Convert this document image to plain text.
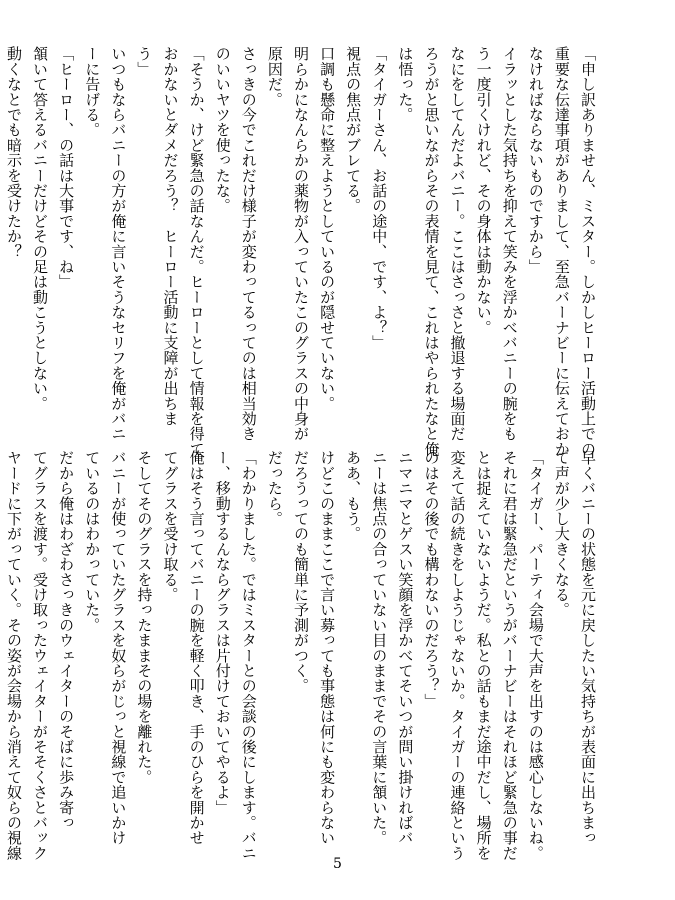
「申し訳ありません、ミスター。しかしヒーロー活動上での

重要な伝達事項がありまして、至急バーナビーに伝えておか

なければならないものですから」

イラッとした気持ちを抑えて笑みを浮かべバニーの腕をも

う一度引くけれど、その身体は動かない。

なにをしてんだよバニー。ここはさっさと撤退する場面だ

ろうがと思いながらその表情を見て、これはやられたなと俺

は悟った。

「タイガーさん、お話の途中、です、よ？」

視点の焦点がブレてる。

口調も懸命に整えようとしているのが隠せていない。

明らかになんらかの薬物が入っていたこのグラスの中身が

原因だ。

さっきの今でこれだけ様子が変わってるってのは相当効き

のいいヤツを使ったな。

「そうか、けど緊急の話なんだ。ヒーローとして情報を得て

おかないとダメだろう？　ヒーロー活動に支障が出ちま

う」

いつもならバニーの方が俺に言いそうなセリフを俺がバニ

ーに告げる。

「ヒーロー、の話は大事です、ね」

頷いて答えるバニーだけどその足は動こうとしない。

動くなとでも暗示を受けたか？

早くバニーの状態を元に戻したい気持ちが表面に出ちまっ

て声が少し大きくなる。

「タイガー、パーティ会場で大声を出すのは感心しないね。

それに君は緊急だというがバーナビーはそれほど緊急の事だ

とは捉えていないようだ。私との話もまだ途中だし、場所を

変えて話の続きをしようじゃないか。タイガーの連絡という

のはその後でも構わないのだろう？」

ニマニマとゲスい笑顔を浮かべてそいつが問い掛ければバ

ニーは焦点の合っていない目のままでその言葉に頷いた。

ああ、もう。

けどこのままここで言い募っても事態は何にも変わらない

だろうってのも簡単に予測がつく。

だったら。

「わかりました。ではミスターとの会談の後にします。バニ

ー、移動するんならグラスは片付けておいてやるよ」

俺はそう言ってバニーの腕を軽く叩き、手のひらを開かせ

てグラスを受け取る。

そしてそのグラスを持ったままその場を離れた。

バニーが使っていたグラスを奴らがじっと視線で追いかけ

ているのはわかっていた。

だから俺はわざわさっきのウェイターのそばに歩み寄っ

てグラスを渡す。受け取ったウェイターがそそくさとバック

ヤードに下がっていく。その姿が会場から消えて奴らの視線

5
